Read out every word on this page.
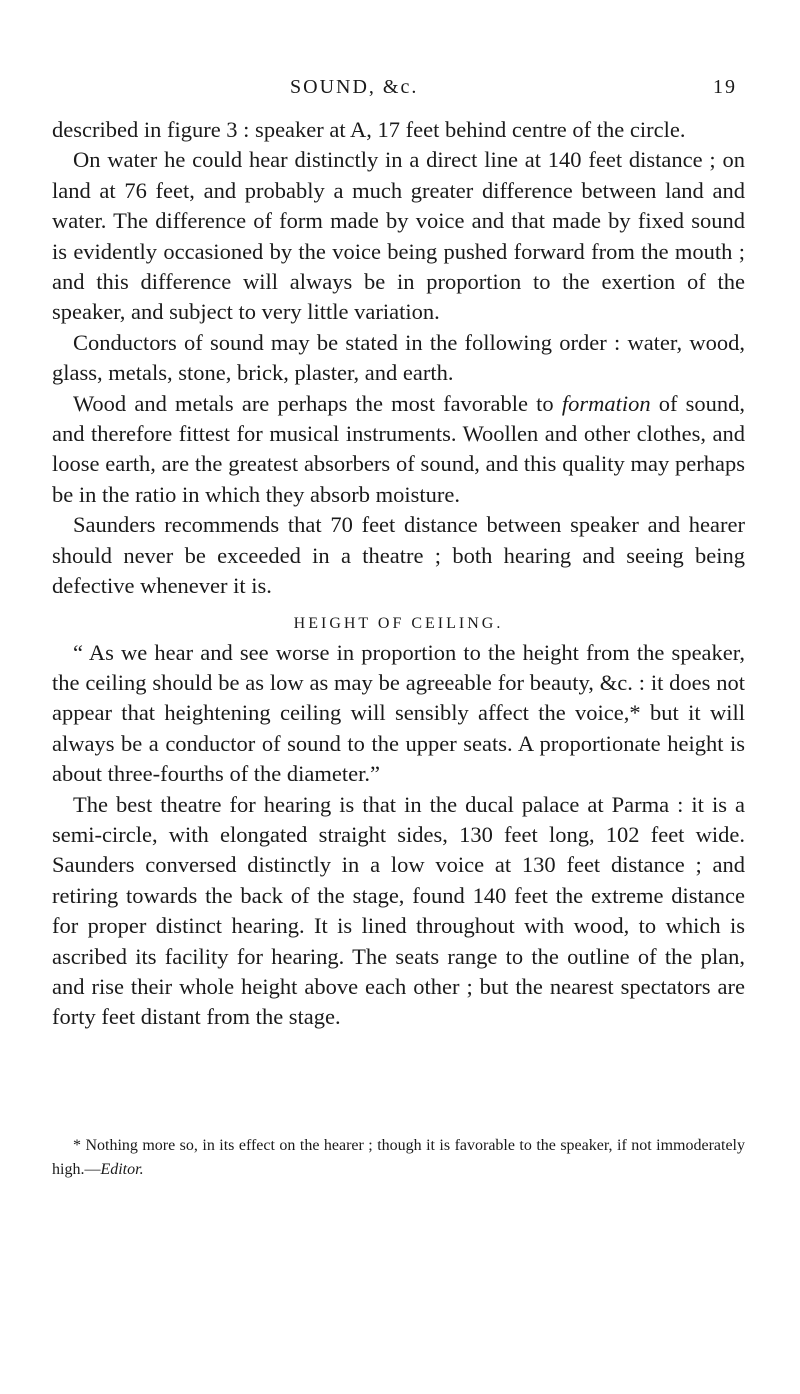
SOUND, &c.	19

described in figure 3 : speaker at A, 17 feet behind centre of the circle.

On water he could hear distinctly in a direct line at 140 feet distance ; on land at 76 feet, and probably a much greater difference between land and water. The difference of form made by voice and that made by fixed sound is evidently occasioned by the voice being pushed forward from the mouth ; and this difference will always be in proportion to the exertion of the speaker, and subject to very little variation.

Conductors of sound may be stated in the following order : water, wood, glass, metals, stone, brick, plaster, and earth.

Wood and metals are perhaps the most favorable to formation of sound, and therefore fittest for musical instruments. Woollen and other clothes, and loose earth, are the greatest absorbers of sound, and this quality may perhaps be in the ratio in which they absorb moisture.

Saunders recommends that 70 feet distance between speaker and hearer should never be exceeded in a theatre ; both hearing and seeing being defective whenever it is.

HEIGHT OF CEILING.

“ As we hear and see worse in proportion to the height from the speaker, the ceiling should be as low as may be agreeable for beauty, &c. : it does not appear that heightening ceiling will sensibly affect the voice,* but it will always be a conductor of sound to the upper seats. A proportionate height is about three-fourths of the diameter.”

The best theatre for hearing is that in the ducal palace at Parma : it is a semi-circle, with elongated straight sides, 130 feet long, 102 feet wide. Saunders conversed distinctly in a low voice at 130 feet distance ; and retiring towards the back of the stage, found 140 feet the extreme distance for proper distinct hearing. It is lined throughout with wood, to which is ascribed its facility for hearing. The seats range to the outline of the plan, and rise their whole height above each other ; but the nearest spectators are forty feet distant from the stage.

* Nothing more so, in its effect on the hearer ; though it is favorable to the speaker, if not immoderately high.—Editor.
